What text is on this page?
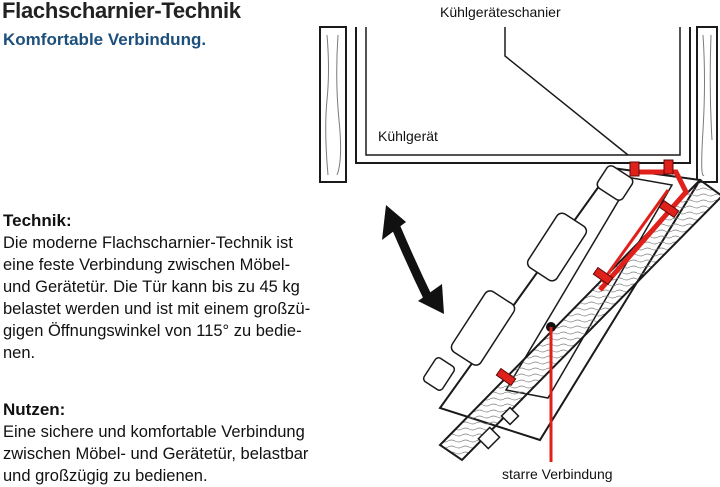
Flachscharnier-Technik
Komfortable Verbindung.
Technik:
Die moderne Flachscharnier-Technik ist
eine feste Verbindung zwischen Möbel-
und Gerätetür. Die Tür kann bis zu 45 kg
belastet werden und ist mit einem großzü-
gigen Öffnungswinkel von 115° zu bedie-
nen.
Nutzen:
Eine sichere und komfortable Verbindung
zwischen Möbel- und Gerätetür, belastbar
und großzügig zu bedienen.
Kühlgeräteschanier
Kühlgerät
starre Verbindung
